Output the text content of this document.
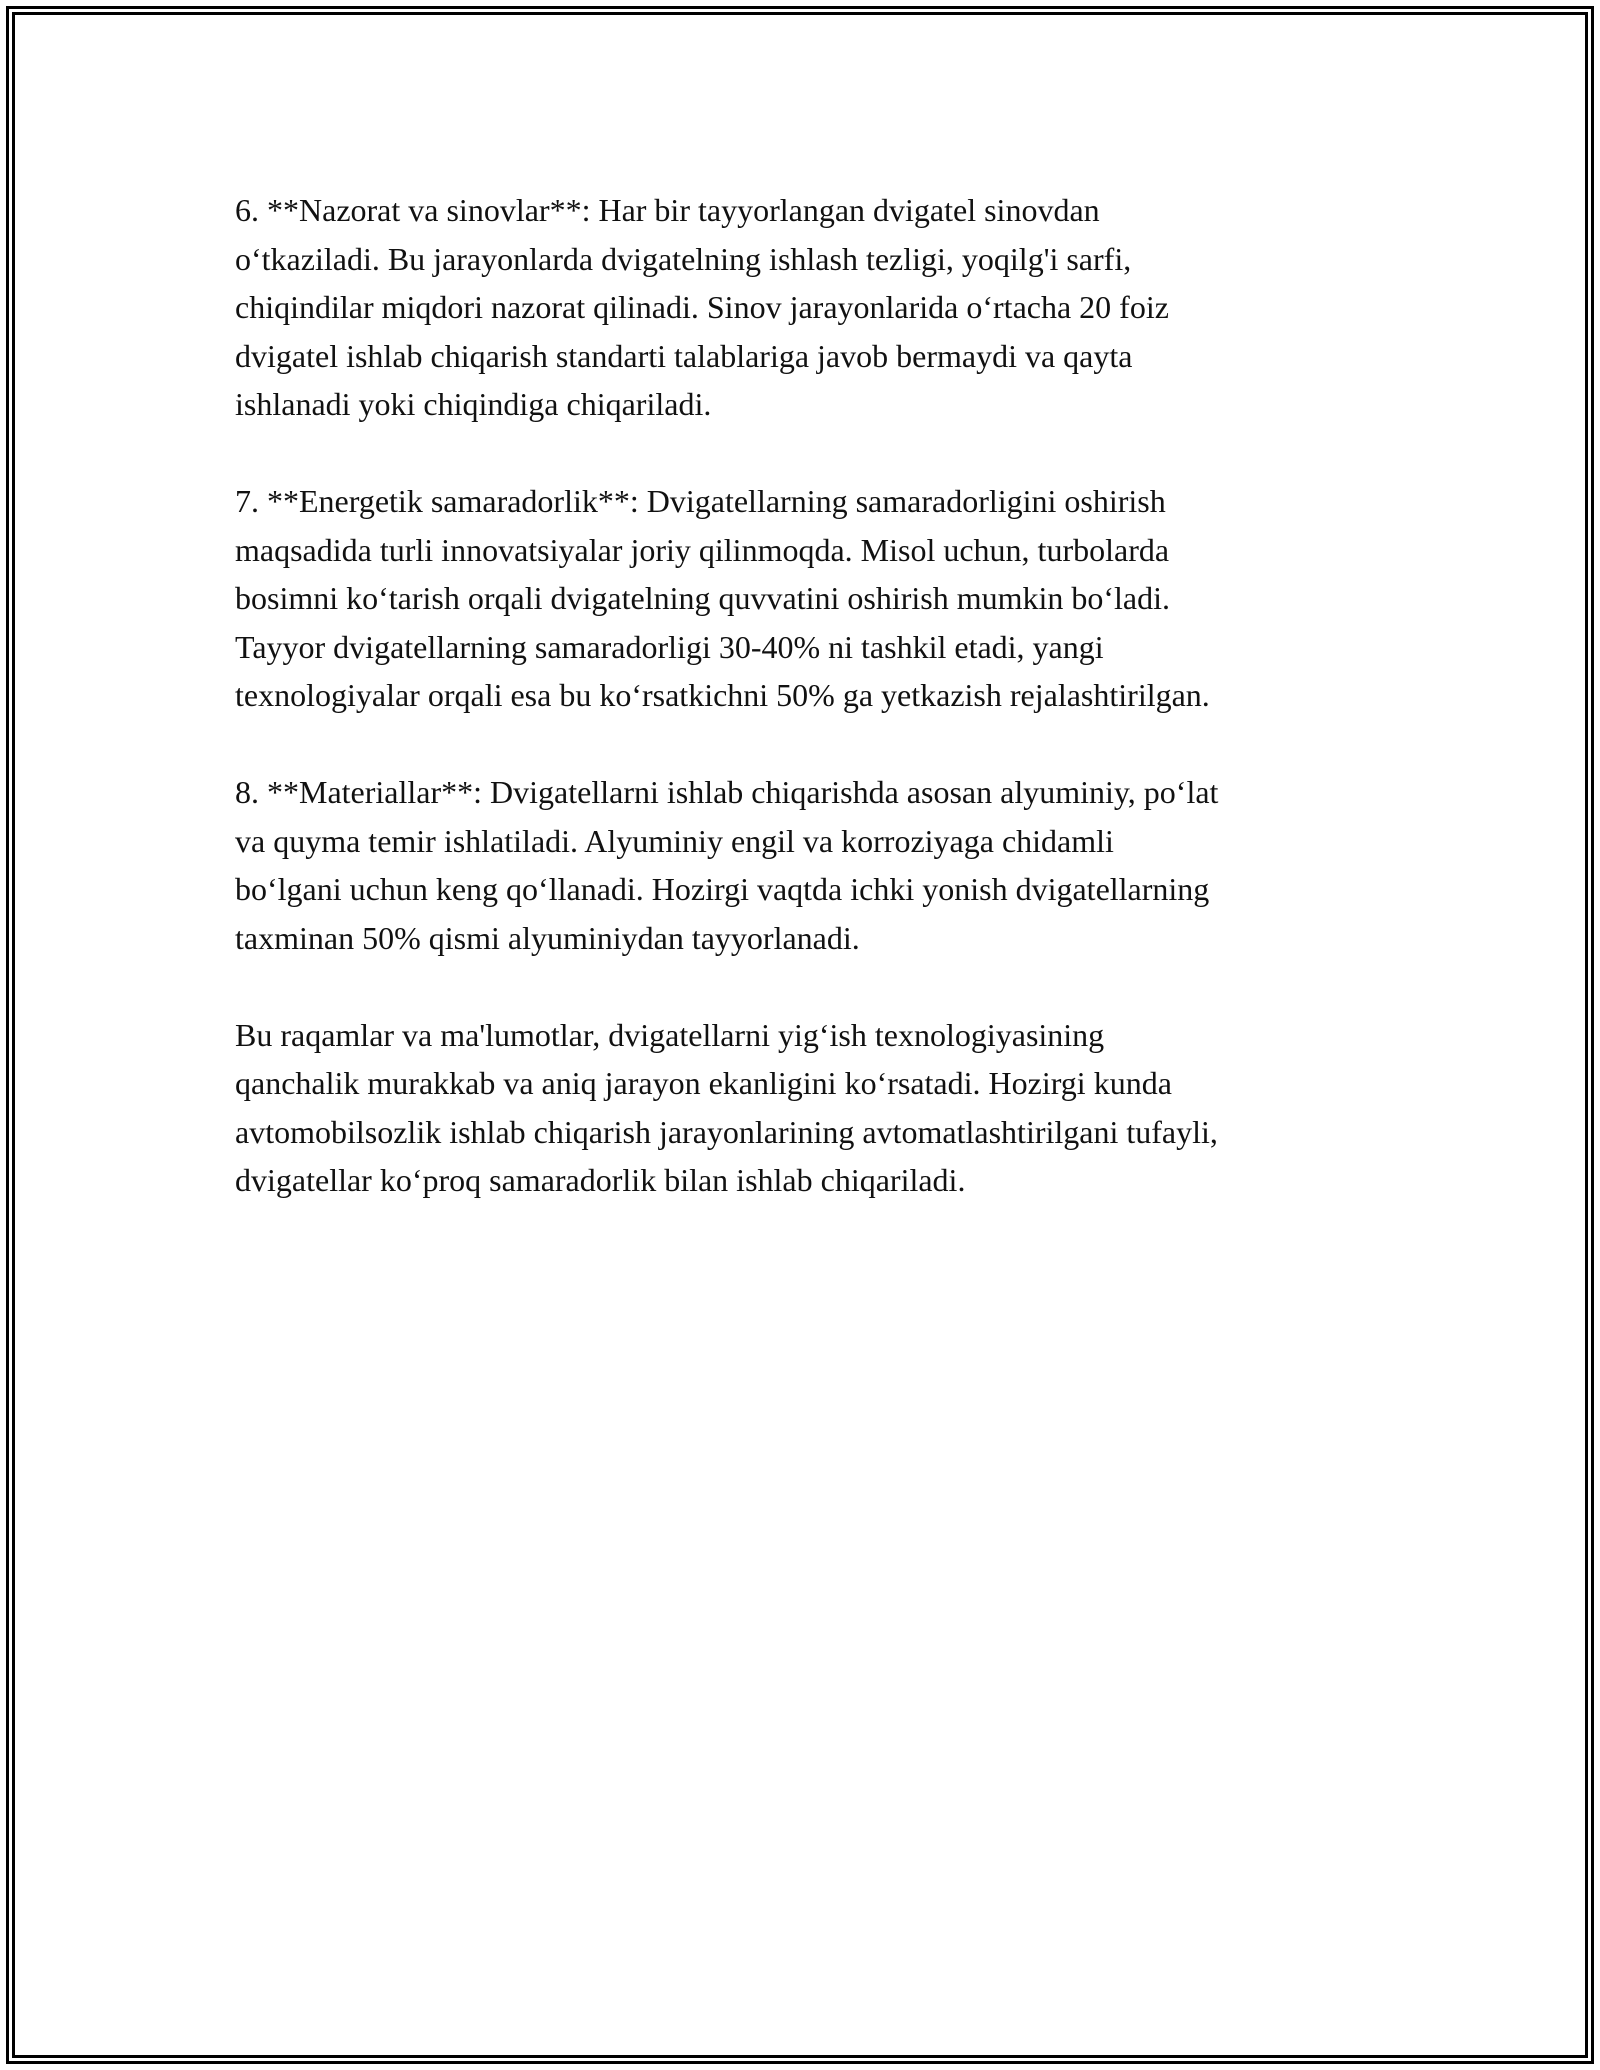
6. **Nazorat va sinovlar**: Har bir tayyorlangan dvigatel sinovdan
o‘tkaziladi. Bu jarayonlarda dvigatelning ishlash tezligi, yoqilg'i sarfi,
chiqindilar miqdori nazorat qilinadi. Sinov jarayonlarida o‘rtacha 20 foiz
dvigatel ishlab chiqarish standarti talablariga javob bermaydi va qayta
ishlanadi yoki chiqindiga chiqariladi.

7. **Energetik samaradorlik**: Dvigatellarning samaradorligini oshirish
maqsadida turli innovatsiyalar joriy qilinmoqda. Misol uchun, turbolarda
bosimni ko‘tarish orqali dvigatelning quvvatini oshirish mumkin bo‘ladi.
Tayyor dvigatellarning samaradorligi 30-40% ni tashkil etadi, yangi
texnologiyalar orqali esa bu ko‘rsatkichni 50% ga yetkazish rejalashtirilgan.

8. **Materiallar**: Dvigatellarni ishlab chiqarishda asosan alyuminiy, po‘lat
va quyma temir ishlatiladi. Alyuminiy engil va korroziyaga chidamli
bo‘lgani uchun keng qo‘llanadi. Hozirgi vaqtda ichki yonish dvigatellarning
taxminan 50% qismi alyuminiydan tayyorlanadi.

Bu raqamlar va ma'lumotlar, dvigatellarni yig‘ish texnologiyasining
qanchalik murakkab va aniq jarayon ekanligini ko‘rsatadi. Hozirgi kunda
avtomobilsozlik ishlab chiqarish jarayonlarining avtomatlashtirilgani tufayli,
dvigatellar ko‘proq samaradorlik bilan ishlab chiqariladi.
